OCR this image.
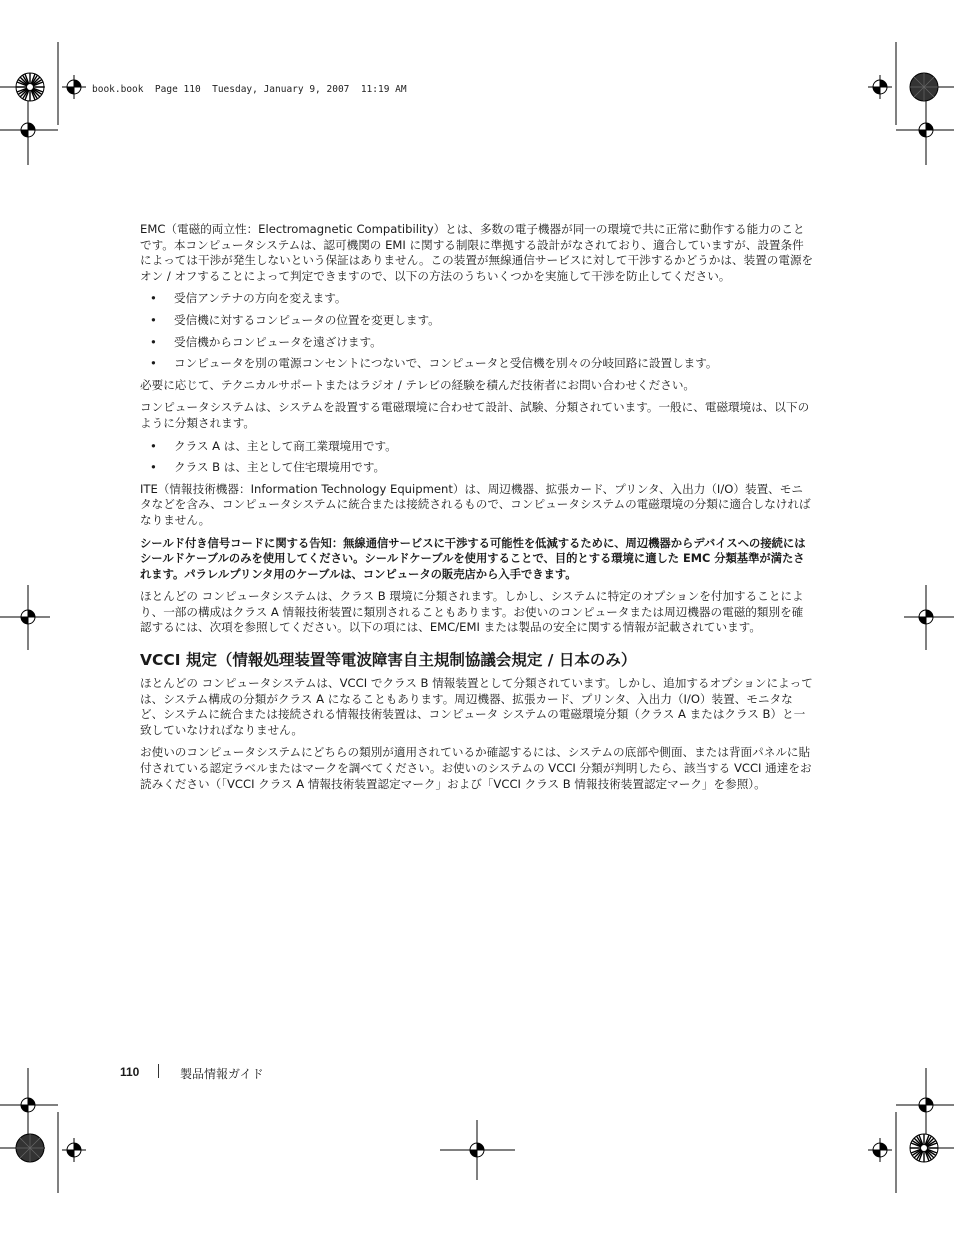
book.book  Page 110  Tuesday, January 9, 2007  11:19 AM

EMC（電磁的両立性：Electromagnetic Compatibility）とは、多数の電子機器が同一の環境で共に正常に動作する能力のことです。本コンピュータシステムは、認可機関の EMI に関する制限に準拠する設計がなされており、適合していますが、設置条件によっては干渉が発生しないという保証はありません。この装置が無線通信サービスに対して干渉するかどうかは、装置の電源をオン / オフすることによって判定できますので、以下の方法のうちいくつかを実施して干渉を防止してください。

• 受信アンテナの方向を変えます。
• 受信機に対するコンピュータの位置を変更します。
• 受信機からコンピュータを遠ざけます。
• コンピュータを別の電源コンセントにつないで、コンピュータと受信機を別々の分岐回路に設置します。

必要に応じて、テクニカルサポートまたはラジオ / テレビの経験を積んだ技術者にお問い合わせください。

コンピュータシステムは、システムを設置する電磁環境に合わせて設計、試験、分類されています。一般に、電磁環境は、以下のように分類されます。

• クラス A は、主として商工業環境用です。
• クラス B は、主として住宅環境用です。

ITE（情報技術機器：Information Technology Equipment）は、周辺機器、拡張カード、プリンタ、入出力（I/O）装置、モニタなどを含み、コンピュータシステムに統合または接続されるもので、コンピュータシステムの電磁環境の分類に適合しなければなりません。

シールド付き信号コードに関する告知：無線通信サービスに干渉する可能性を低減するために、周辺機器からデバイスへの接続にはシールドケーブルのみを使用してください。シールドケーブルを使用することで、目的とする環境に適した EMC 分類基準が満たされます。パラレルプリンタ用のケーブルは、コンピュータの販売店から入手できます。

ほとんどの コンピュータシステムは、クラス B 環境に分類されます。しかし、システムに特定のオプションを付加することにより、一部の構成はクラス A 情報技術装置に類別されることもあります。お使いのコンピュータまたは周辺機器の電磁的類別を確認するには、次項を参照してください。以下の項には、EMC/EMI または製品の安全に関する情報が記載されています。

VCCI 規定（情報処理装置等電波障害自主規制協議会規定 / 日本のみ）

ほとんどの コンピュータシステムは、VCCI でクラス B 情報装置として分類されています。しかし、追加するオプションによっては、システム構成の分類がクラス A になることもあります。周辺機器、拡張カード、プリンタ、入出力（I/O）装置、モニタなど、システムに統合または接続される情報技術装置は、コンピュータ システムの電磁環境分類（クラス A またはクラス B）と一致していなければなりません。

お使いのコンピュータシステムにどちらの類別が適用されているか確認するには、システムの底部や側面、または背面パネルに貼付されている認定ラベルまたはマークを調べてください。お使いのシステムの VCCI 分類が判明したら、該当する VCCI 通達をお読みください（「VCCI クラス A 情報技術装置認定マーク」および「VCCI クラス B 情報技術装置認定マーク」を参照）。

110	製品情報ガイド
